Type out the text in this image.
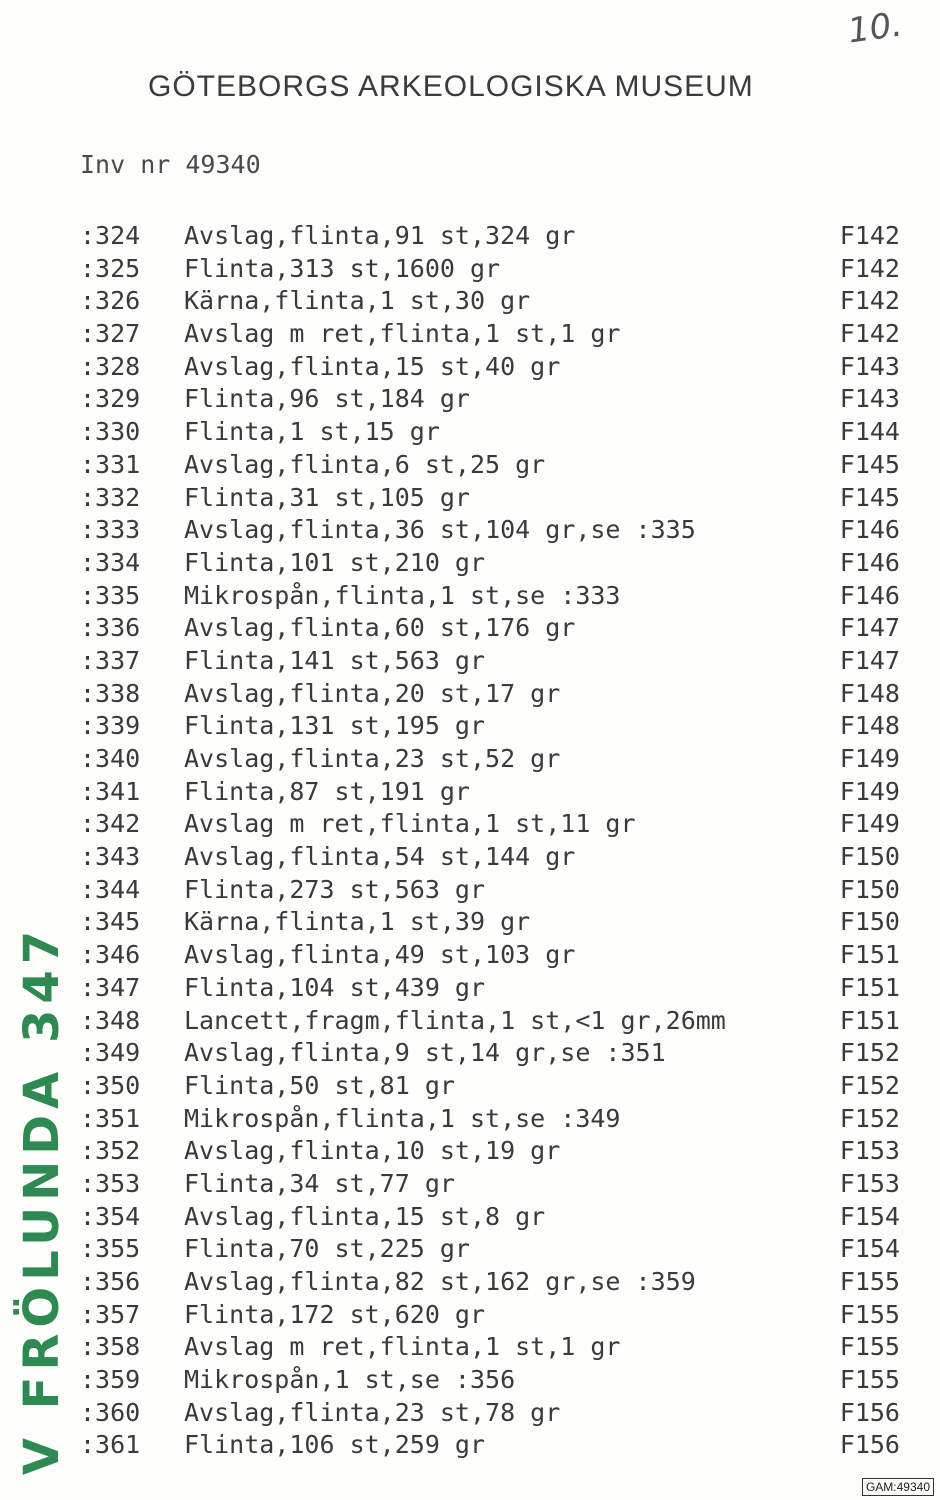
10.
GÖTEBORGS ARKEOLOGISKA MUSEUM
Inv nr 49340
:324 Avslag,flinta,91 st,324 gr	F142
:325 Flinta,313 st,1600 gr	F142
:326 Kärna,flinta,1 st,30 gr	F142
:327 Avslag m ret,flinta,1 st,1 gr	F142
:328 Avslag,flinta,15 st,40 gr	F143
:329 Flinta,96 st,184 gr	F143
:330 Flinta,1 st,15 gr	F144
:331 Avslag,flinta,6 st,25 gr	F145
:332 Flinta,31 st,105 gr	F145
:333 Avslag,flinta,36 st,104 gr,se :335	F146
:334 Flinta,101 st,210 gr	F146
:335 Mikrospån,flinta,1 st,se :333	F146
:336 Avslag,flinta,60 st,176 gr	F147
:337 Flinta,141 st,563 gr	F147
:338 Avslag,flinta,20 st,17 gr	F148
:339 Flinta,131 st,195 gr	F148
:340 Avslag,flinta,23 st,52 gr	F149
:341 Flinta,87 st,191 gr	F149
:342 Avslag m ret,flinta,1 st,11 gr	F149
:343 Avslag,flinta,54 st,144 gr	F150
:344 Flinta,273 st,563 gr	F150
:345 Kärna,flinta,1 st,39 gr	F150
:346 Avslag,flinta,49 st,103 gr	F151
:347 Flinta,104 st,439 gr	F151
:348 Lancett,fragm,flinta,1 st,<1 gr,26mm	F151
:349 Avslag,flinta,9 st,14 gr,se :351	F152
:350 Flinta,50 st,81 gr	F152
:351 Mikrospån,flinta,1 st,se :349	F152
:352 Avslag,flinta,10 st,19 gr	F153
:353 Flinta,34 st,77 gr	F153
:354 Avslag,flinta,15 st,8 gr	F154
:355 Flinta,70 st,225 gr	F154
:356 Avslag,flinta,82 st,162 gr,se :359	F155
:357 Flinta,172 st,620 gr	F155
:358 Avslag m ret,flinta,1 st,1 gr	F155
:359 Mikrospån,1 st,se :356	F155
:360 Avslag,flinta,23 st,78 gr	F156
:361 Flinta,106 st,259 gr	F156
V FRÖLUNDA 347
GAM:49340
